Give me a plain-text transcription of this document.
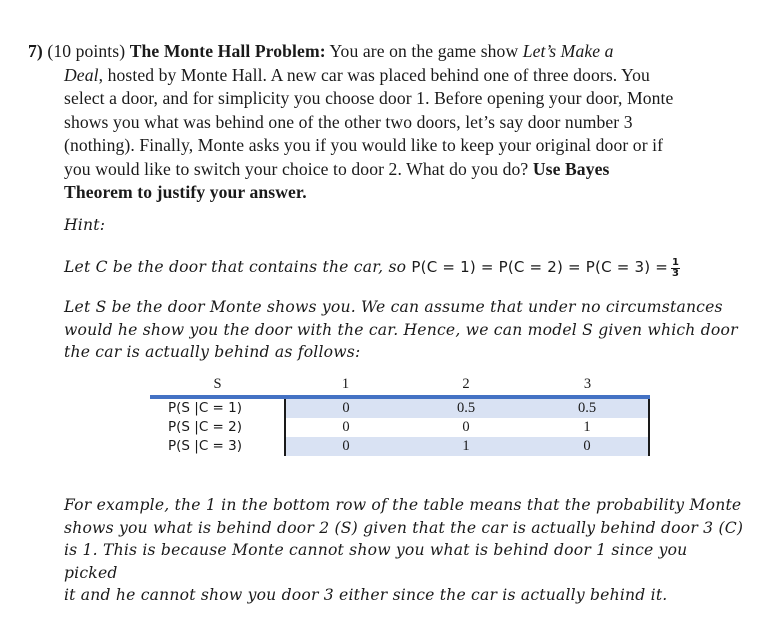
7) (10 points) The Monte Hall Problem: You are on the game show Let’s Make a
Deal, hosted by Monte Hall. A new car was placed behind one of three doors. You
select a door, and for simplicity you choose door 1. Before opening your door, Monte
shows you what was behind one of the other two doors, let’s say door number 3
(nothing). Finally, Monte asks you if you would like to keep your original door or if
you would like to switch your choice to door 2. What do you do? Use Bayes
Theorem to justify your answer.
Hint:
Let C be the door that contains the car, so $P(C = 1) = P(C = 2) = P(C = 3) = \frac{1}{3}$
Let S be the door Monte shows you. We can assume that under no circumstances
would he show you the door with the car. Hence, we can model S given which door
the car is actually behind as follows:
S	1	2	3
P(S |C = 1)	0	0.5	0.5
P(S |C = 2)	0	0	1
P(S |C = 3)	0	1	0
For example, the 1 in the bottom row of the table means that the probability Monte
shows you what is behind door 2 (S) given that the car is actually behind door 3 (C)
is 1. This is because Monte cannot show you what is behind door 1 since you picked
it and he cannot show you door 3 either since the car is actually behind it.
